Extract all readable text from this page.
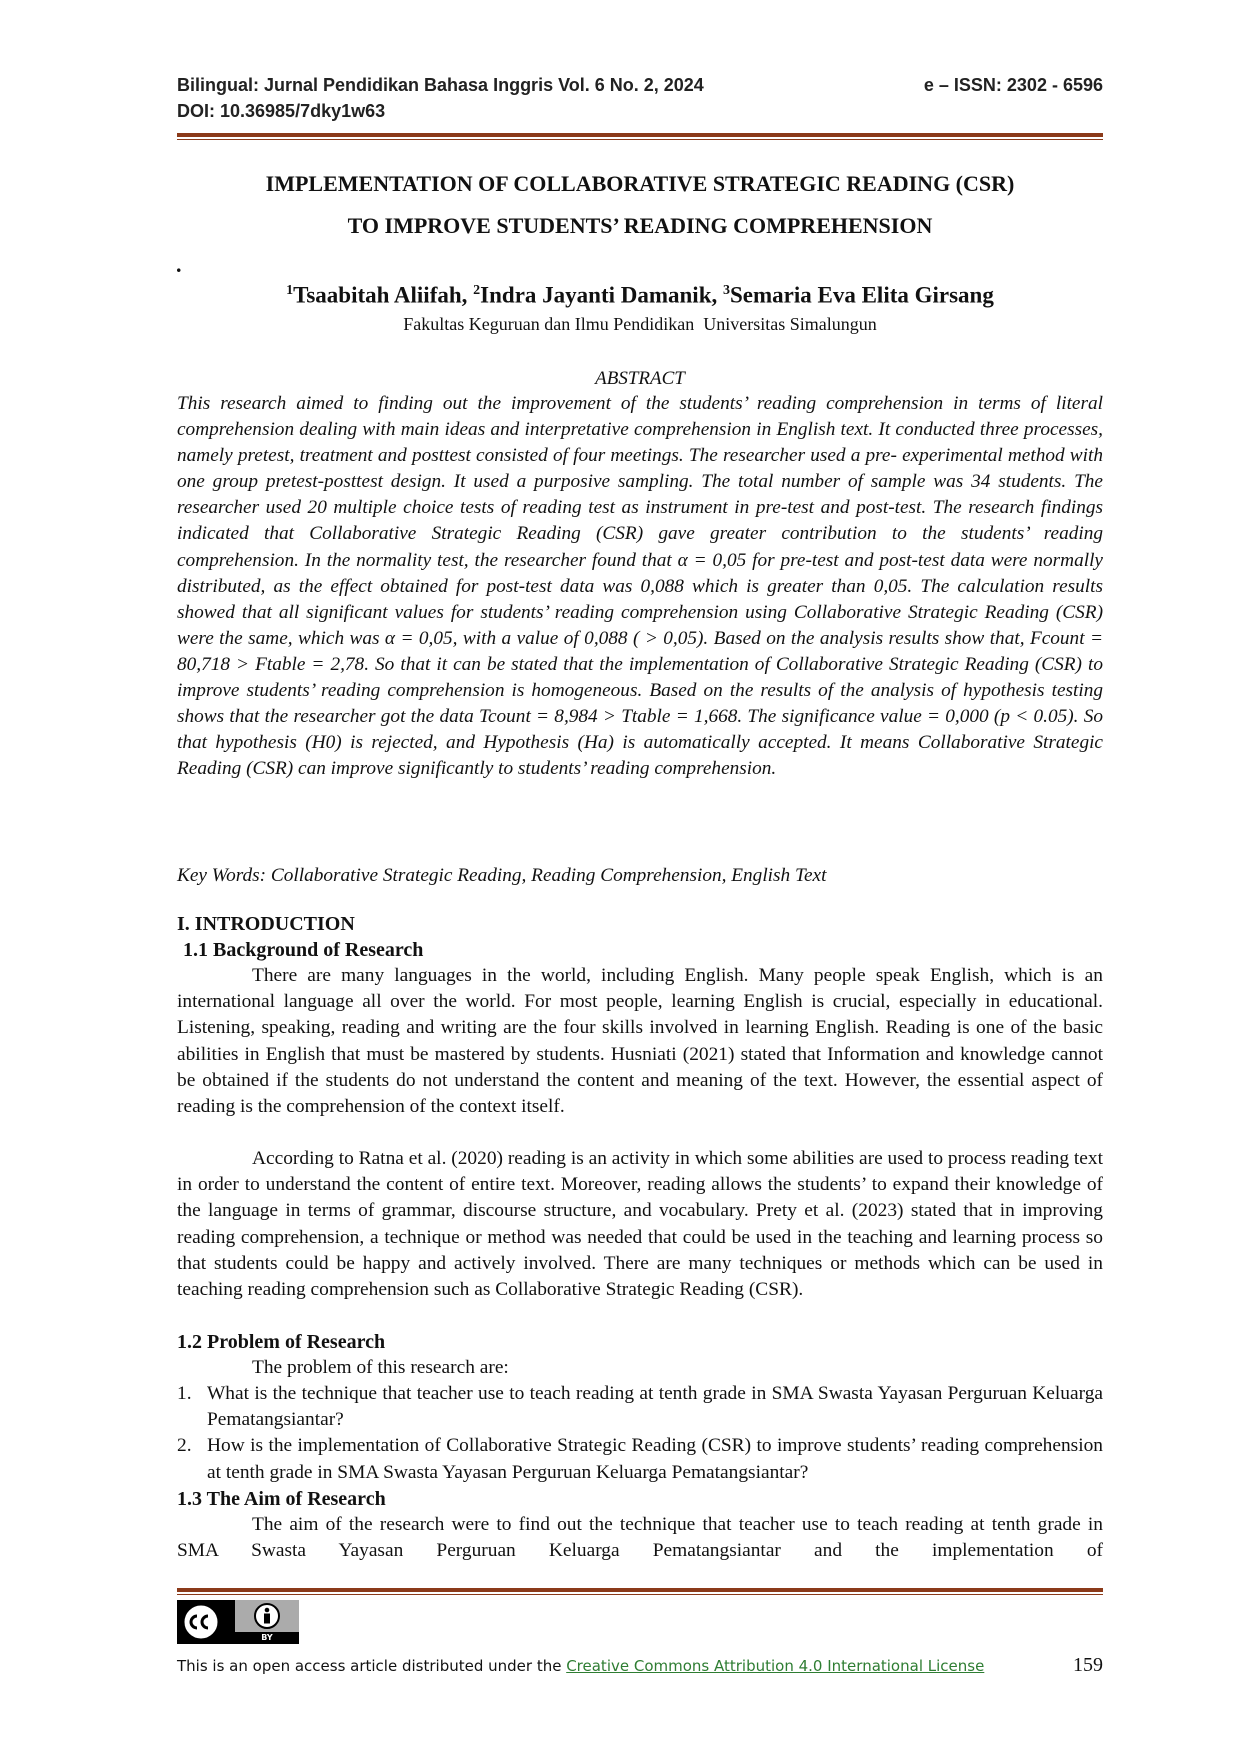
Bilingual: Jurnal Pendidikan Bahasa Inggris Vol. 6 No. 2, 2024
DOI: 10.36985/7dky1w63
e – ISSN: 2302 - 6596
IMPLEMENTATION OF COLLABORATIVE STRATEGIC READING (CSR)
TO IMPROVE STUDENTS’ READING COMPREHENSION
.
$^1$Tsaabitah Aliifah, $^2$Indra Jayanti Damanik, $^3$Semaria Eva Elita Girsang
Fakultas Keguruan dan Ilmu Pendidikan  Universitas Simalungun
ABSTRACT

This research aimed to finding out the improvement of the students’ reading comprehension in terms of literal comprehension dealing with main ideas and interpretative comprehension in English text. It conducted three processes, namely pretest, treatment and posttest consisted of four meetings. The researcher used a pre- experimental method with one group pretest-posttest design. It used a purposive sampling. The total number of sample was 34 students. The researcher used 20 multiple choice tests of reading test as instrument in pre-test and post-test. The research findings indicated that Collaborative Strategic Reading (CSR) gave greater contribution to the students’ reading comprehension. In the normality test, the researcher found that α = 0,05 for pre-test and post-test data were normally distributed, as the effect obtained for post-test data was 0,088 which is greater than 0,05. The calculation results showed that all significant values for students’ reading comprehension using Collaborative Strategic Reading (CSR) were the same, which was α = 0,05, with a value of 0,088 ( > 0,05). Based on the analysis results show that, Fcount = 80,718 > Ftable = 2,78. So that it can be stated that the implementation of Collaborative Strategic Reading (CSR) to improve students’ reading comprehension is homogeneous. Based on the results of the analysis of hypothesis testing shows that the researcher got the data Tcount = 8,984 > Ttable = 1,668. The significance value = 0,000 (p < 0.05). So that hypothesis (H0) is rejected, and Hypothesis (Ha) is automatically accepted. It means Collaborative Strategic Reading (CSR) can improve significantly to students’ reading comprehension.

Key Words: Collaborative Strategic Reading, Reading Comprehension, English Text
I. INTRODUCTION
1.1 Background of Research

There are many languages in the world, including English. Many people speak English, which is an international language all over the world. For most people, learning English is crucial, especially in educational. Listening, speaking, reading and writing are the four skills involved in learning English. Reading is one of the basic abilities in English that must be mastered by students. Husniati (2021) stated that Information and knowledge cannot be obtained if the students do not understand the content and meaning of the text. However, the essential aspect of reading is the comprehension of the context itself.

According to Ratna et al. (2020) reading is an activity in which some abilities are used to process reading text in order to understand the content of entire text. Moreover, reading allows the students’ to expand their knowledge of the language in terms of grammar, discourse structure, and vocabulary. Prety et al. (2023) stated that in improving reading comprehension, a technique or method was needed that could be used in the teaching and learning process so that students could be happy and actively involved. There are many techniques or methods which can be used in teaching reading comprehension such as Collaborative Strategic Reading (CSR).

1.2 Problem of Research
The problem of this research are:
1. What is the technique that teacher use to teach reading at tenth grade in SMA Swasta Yayasan Perguruan Keluarga Pematangsiantar?
2. How is the implementation of Collaborative Strategic Reading (CSR) to improve students’ reading comprehension at tenth grade in SMA Swasta Yayasan Perguruan Keluarga Pematangsiantar?
1.3 The Aim of Research

The aim of the research were to find out the technique that teacher use to teach reading at tenth grade in SMA Swasta Yayasan Perguruan Keluarga Pematangsiantar and the implementation of

BY
This is an open access article distributed under the Creative Commons Attribution 4.0 International License	159
